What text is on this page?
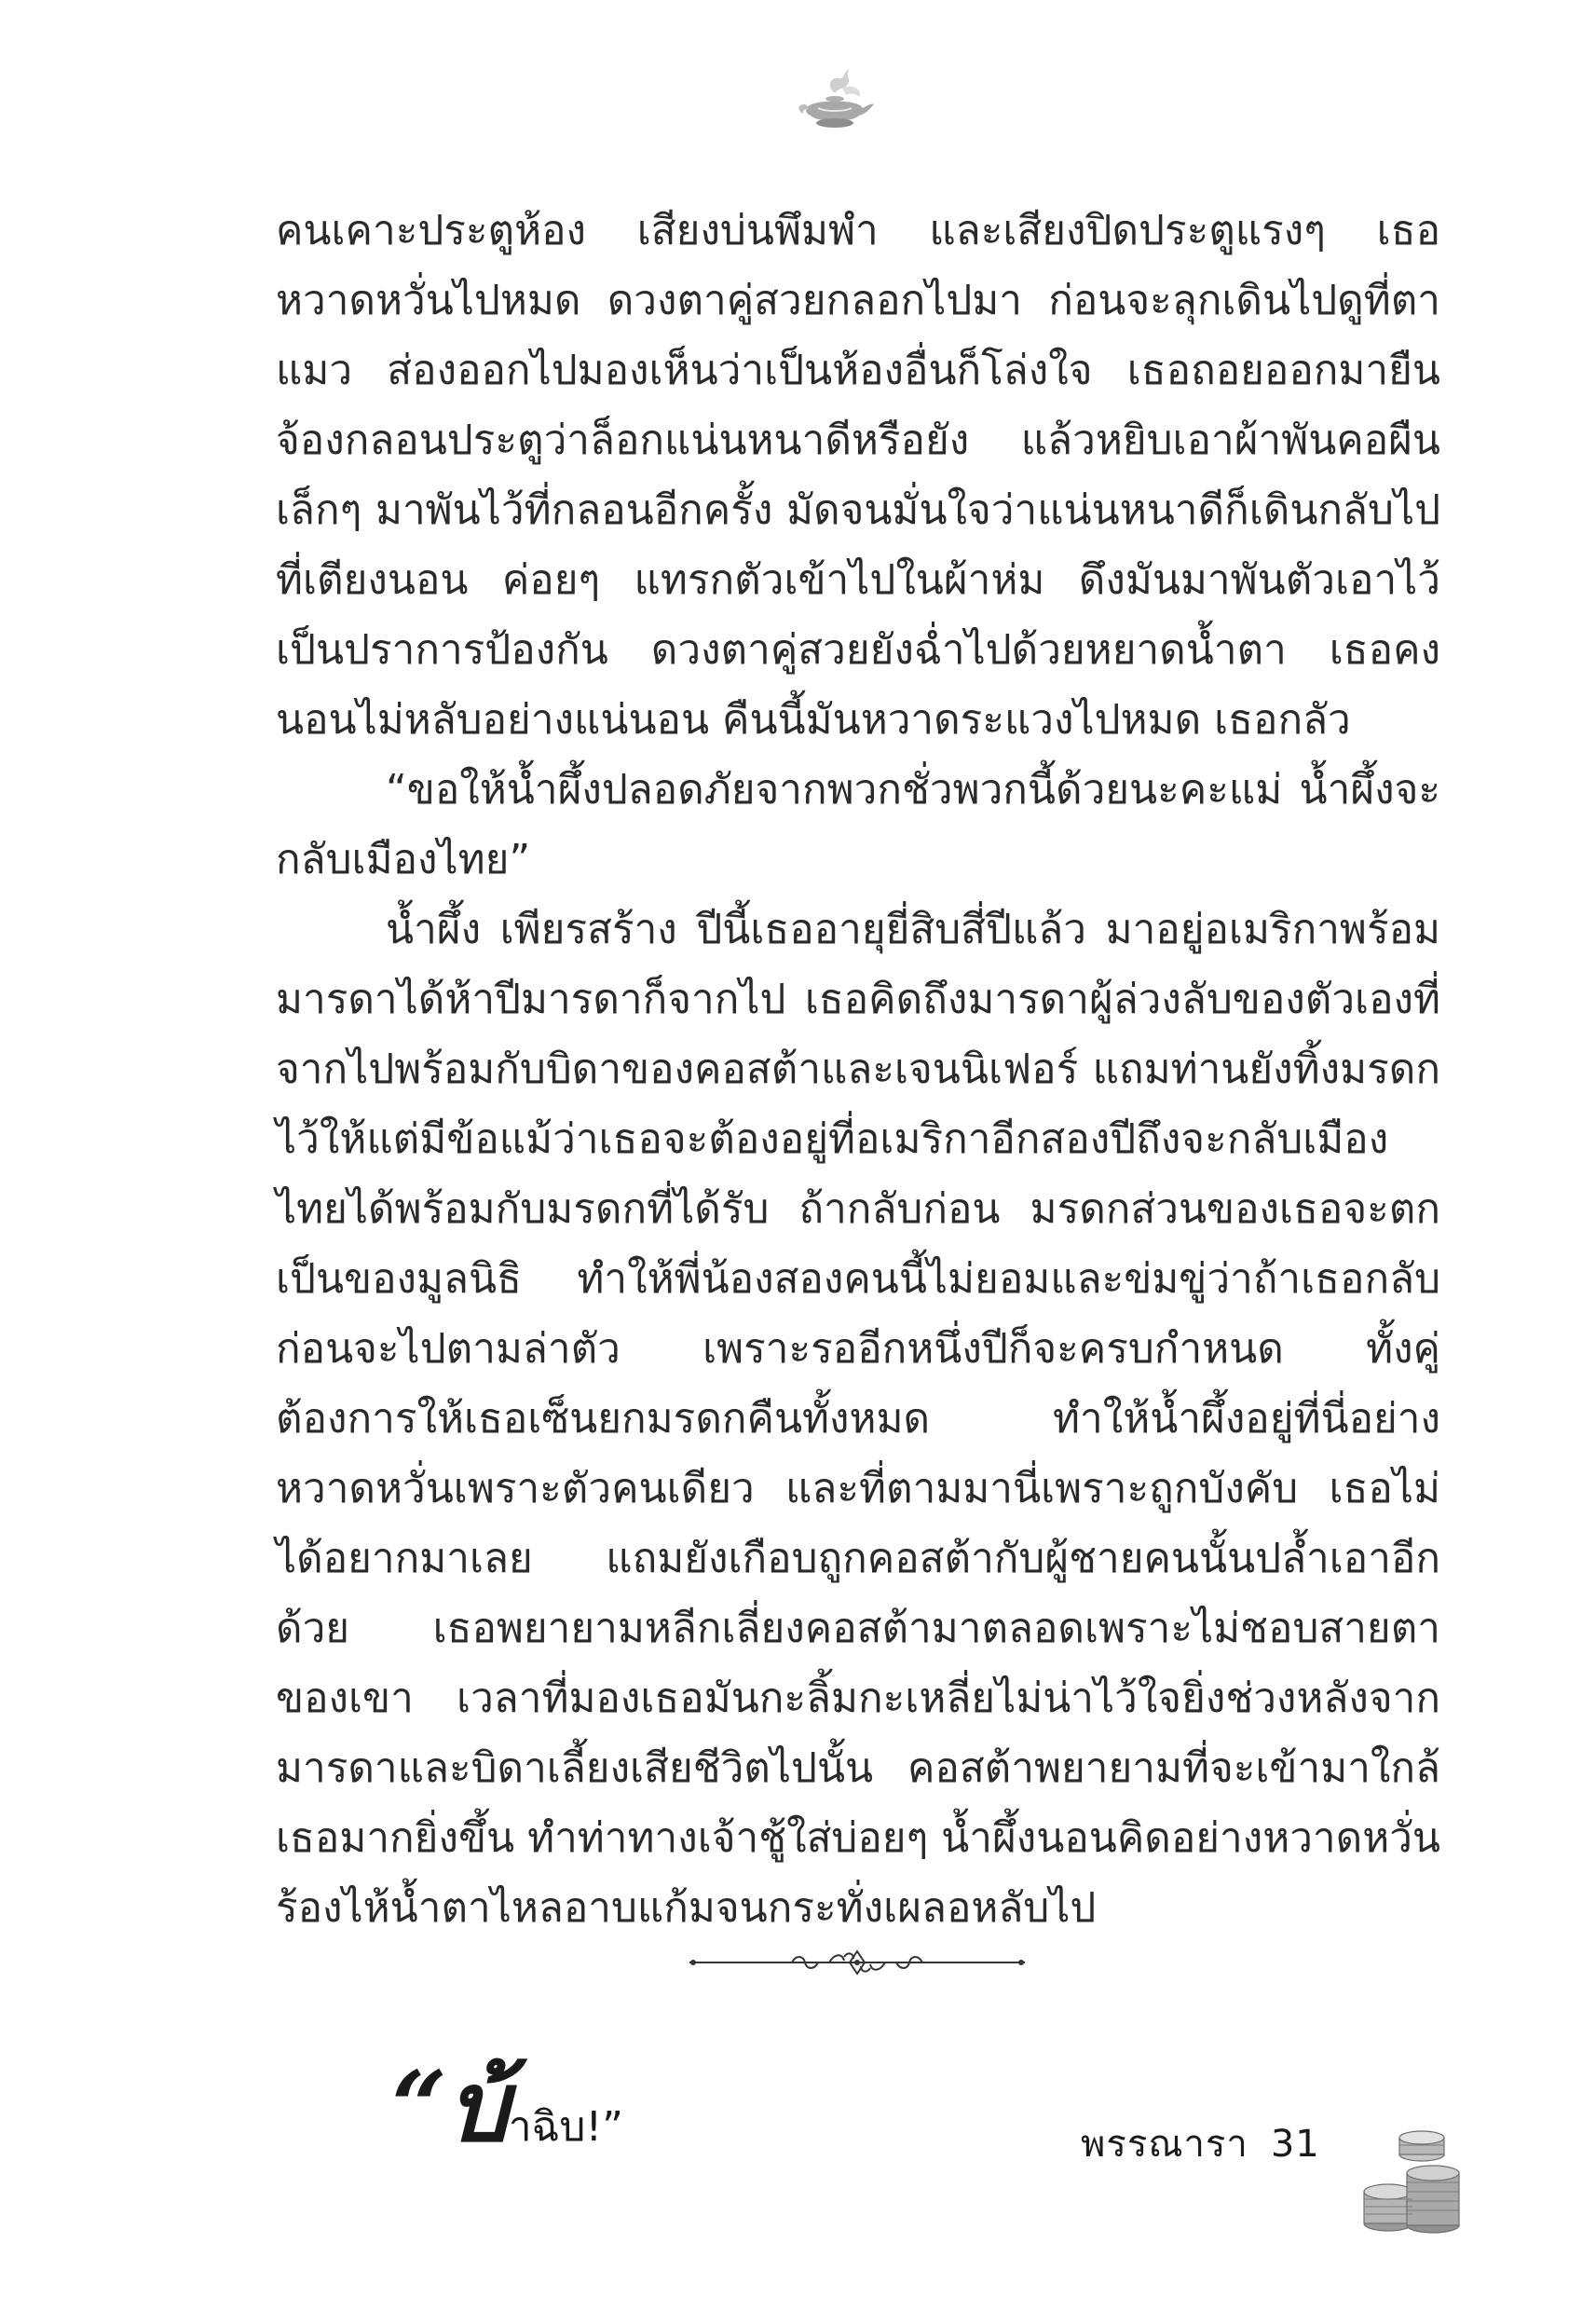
คนเคาะประตูห้อง เสียงบ่นพึมพำ และเสียงปิดประตูแรงๆ เธอหวาดหวั่นไปหมด ดวงตาคู่สวยกลอกไปมา ก่อนจะลุกเดินไปดูที่ตาแมว ส่องออกไปมองเห็นว่าเป็นห้องอื่นก็โล่งใจ เธอถอยออกมายืนจ้องกลอนประตูว่าล็อกแน่นหนาดีหรือยัง แล้วหยิบเอาผ้าพันคอผืนเล็กๆ มาพันไว้ที่กลอนอีกครั้ง มัดจนมั่นใจว่าแน่นหนาดีก็เดินกลับไปที่เตียงนอน ค่อยๆ แทรกตัวเข้าไปในผ้าห่ม ดึงมันมาพันตัวเอาไว้เป็นปราการป้องกัน ดวงตาคู่สวยยังฉ่ำไปด้วยหยาดน้ำตา เธอคงนอนไม่หลับอย่างแน่นอน คืนนี้มันหวาดระแวงไปหมด เธอกลัว

“ขอให้น้ำผึ้งปลอดภัยจากพวกชั่วพวกนี้ด้วยนะคะแม่ น้ำผึ้งจะกลับเมืองไทย”

น้ำผึ้ง เพียรสร้าง ปีนี้เธออายุยี่สิบสี่ปีแล้ว มาอยู่อเมริกาพร้อมมารดาได้ห้าปีมารดาก็จากไป เธอคิดถึงมารดาผู้ล่วงลับของตัวเองที่จากไปพร้อมกับบิดาของคอสต้าและเจนนิเฟอร์ แถมท่านยังทิ้งมรดกไว้ให้แต่มีข้อแม้ว่าเธอจะต้องอยู่ที่อเมริกาอีกสองปีถึงจะกลับเมืองไทยได้พร้อมกับมรดกที่ได้รับ ถ้ากลับก่อน มรดกส่วนของเธอจะตกเป็นของมูลนิธิ ทำให้พี่น้องสองคนนี้ไม่ยอมและข่มขู่ว่าถ้าเธอกลับก่อนจะไปตามล่าตัว เพราะรออีกหนึ่งปีก็จะครบกำหนด ทั้งคู่ต้องการให้เธอเซ็นยกมรดกคืนทั้งหมด ทำให้น้ำผึ้งอยู่ที่นี่อย่างหวาดหวั่นเพราะตัวคนเดียว และที่ตามมานี่เพราะถูกบังคับ เธอไม่ได้อยากมาเลย แถมยังเกือบถูกคอสต้ากับผู้ชายคนนั้นปล้ำเอาอีกด้วย เธอพยายามหลีกเลี่ยงคอสต้ามาตลอดเพราะไม่ชอบสายตาของเขา เวลาที่มองเธอมันกะลิ้มกะเหลี่ยไม่น่าไว้ใจยิ่งช่วงหลังจากมารดาและบิดาเลี้ยงเสียชีวิตไปนั้น คอสต้าพยายามที่จะเข้ามาใกล้เธอมากยิ่งขึ้น ทำท่าทางเจ้าชู้ใส่บ่อยๆ น้ำผึ้งนอนคิดอย่างหวาดหวั่น ร้องไห้น้ำตาไหลอาบแก้มจนกระทั่งเผลอหลับไป

“บ้าฉิบ!”	พรรณารา 31
